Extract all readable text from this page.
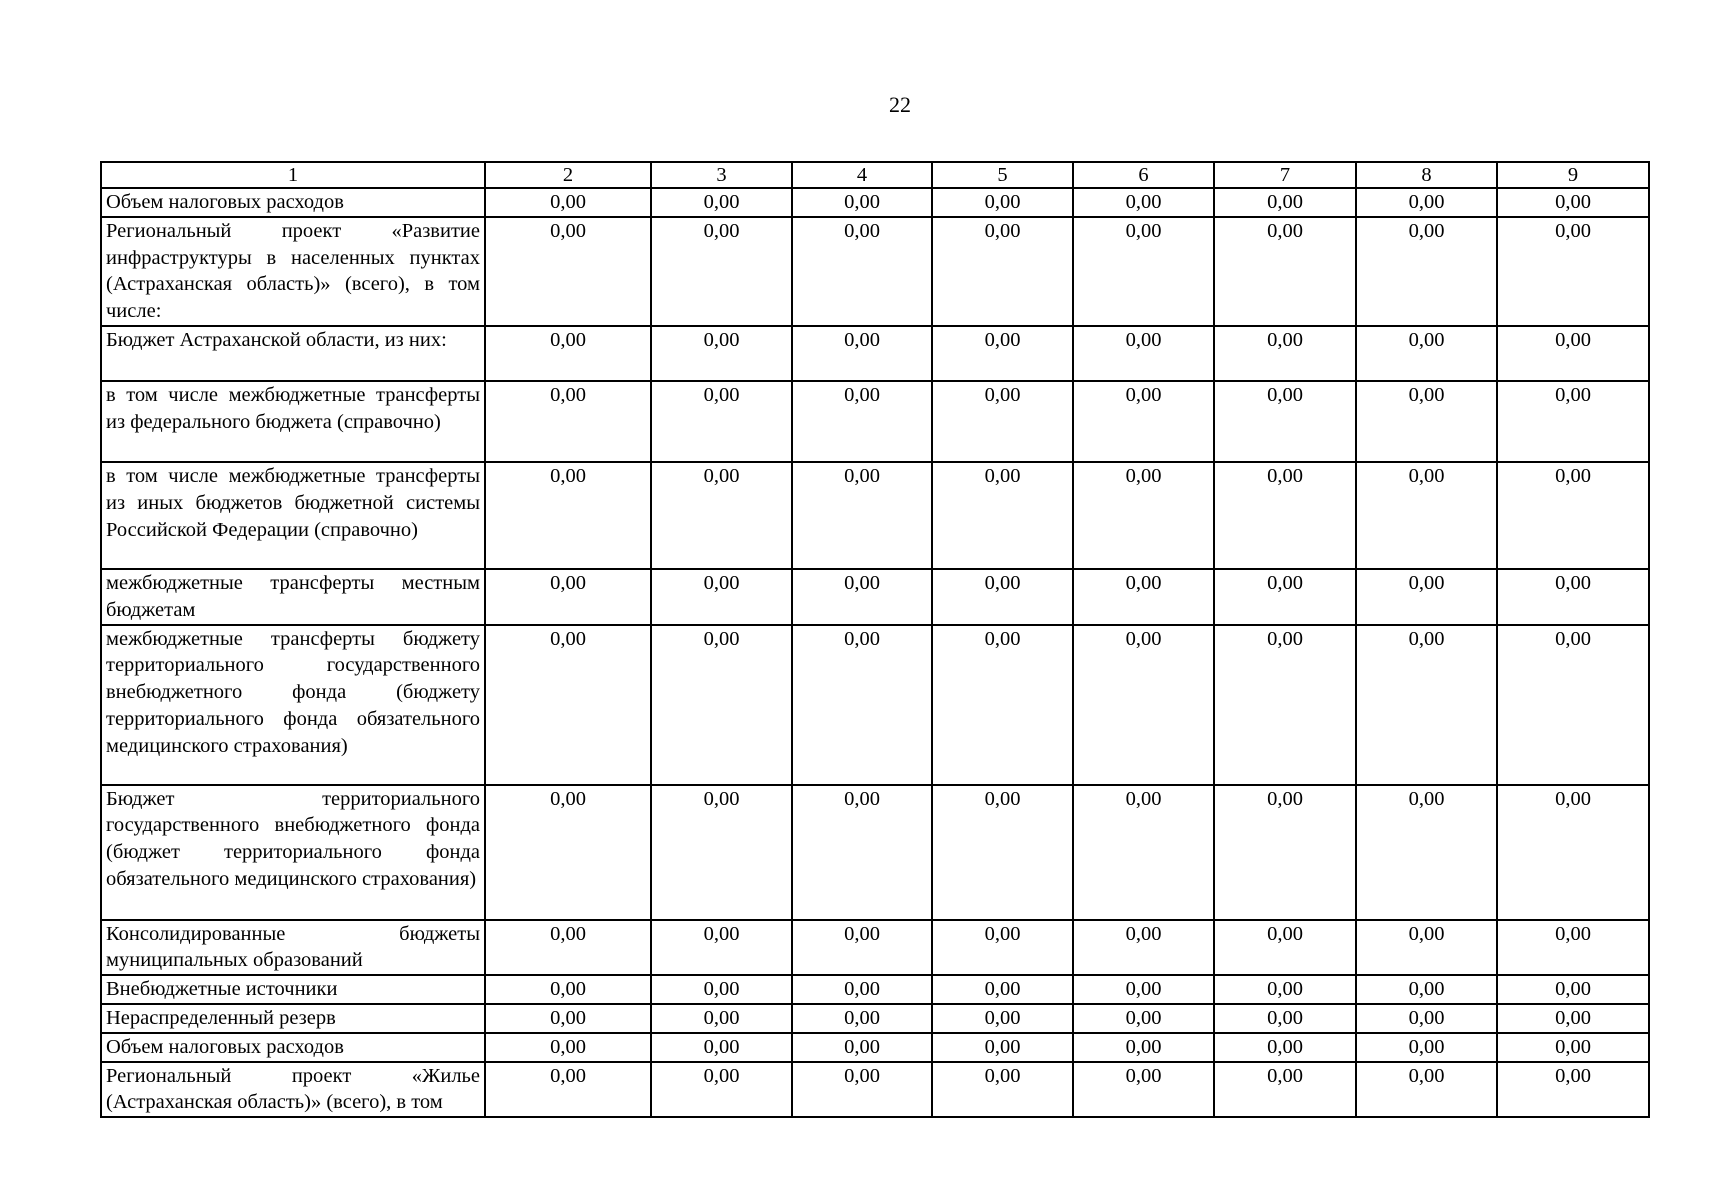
22
1	2	3	4	5	6	7	8	9
Объем налоговых расходов	0,00	0,00	0,00	0,00	0,00	0,00	0,00	0,00
Региональный проект «Развитие инфраструктуры в населенных пунктах (Астраханская область)» (всего), в том числе:	0,00	0,00	0,00	0,00	0,00	0,00	0,00	0,00
Бюджет Астраханской области, из них:	0,00	0,00	0,00	0,00	0,00	0,00	0,00	0,00
в том числе межбюджетные трансферты из федерального бюджета (справочно)	0,00	0,00	0,00	0,00	0,00	0,00	0,00	0,00
в том числе межбюджетные трансферты из иных бюджетов бюджетной системы Российской Федерации (справочно)	0,00	0,00	0,00	0,00	0,00	0,00	0,00	0,00
межбюджетные трансферты местным бюджетам	0,00	0,00	0,00	0,00	0,00	0,00	0,00	0,00
межбюджетные трансферты бюджету территориального государственного внебюджетного фонда (бюджету территориального фонда обязательного медицинского страхования)	0,00	0,00	0,00	0,00	0,00	0,00	0,00	0,00
Бюджет территориального государственного внебюджетного фонда (бюджет территориального фонда обязательного медицинского страхования)	0,00	0,00	0,00	0,00	0,00	0,00	0,00	0,00
Консолидированные бюджеты муниципальных образований	0,00	0,00	0,00	0,00	0,00	0,00	0,00	0,00
Внебюджетные источники	0,00	0,00	0,00	0,00	0,00	0,00	0,00	0,00
Нераспределенный резерв	0,00	0,00	0,00	0,00	0,00	0,00	0,00	0,00
Объем налоговых расходов	0,00	0,00	0,00	0,00	0,00	0,00	0,00	0,00
Региональный проект «Жилье (Астраханская область)» (всего), в том	0,00	0,00	0,00	0,00	0,00	0,00	0,00	0,00
